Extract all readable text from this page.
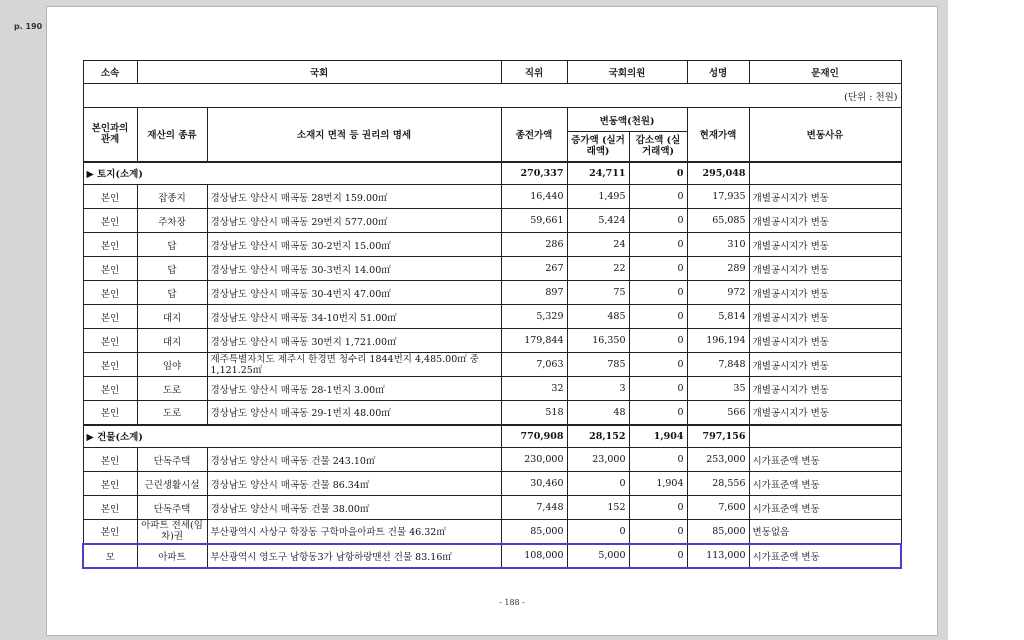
p. 190
소속	국회		직위	국회의원		성명	문재인
(단위 : 천원)							
본인과의 관계	재산의 종류	소재지 면적 등 권리의 명세	종전가액	변동액(천원)		현재가액	변동사유
				증가액 (실거래액)	감소액 (실거래액)		
▶ 토지(소계)			270,337	24,711	0	295,048	
본인	잡종지	경상남도 양산시 매곡동 28번지 159.00㎡	16,440	1,495	0	17,935	개별공시지가 변동
본인	주차장	경상남도 양산시 매곡동 29번지 577.00㎡	59,661	5,424	0	65,085	개별공시지가 변동
본인	답	경상남도 양산시 매곡동 30-2번지 15.00㎡	286	24	0	310	개별공시지가 변동
본인	답	경상남도 양산시 매곡동 30-3번지 14.00㎡	267	22	0	289	개별공시지가 변동
본인	답	경상남도 양산시 매곡동 30-4번지 47.00㎡	897	75	0	972	개별공시지가 변동
본인	대지	경상남도 양산시 매곡동 34-10번지 51.00㎡	5,329	485	0	5,814	개별공시지가 변동
본인	대지	경상남도 양산시 매곡동 30번지 1,721.00㎡	179,844	16,350	0	196,194	개별공시지가 변동
본인	임야	제주특별자치도 제주시 한경면 청수리 1844번지 4,485.00㎡ 중 1,121.25㎡	7,063	785	0	7,848	개별공시지가 변동
본인	도로	경상남도 양산시 매곡동 28-1번지 3.00㎡	32	3	0	35	개별공시지가 변동
본인	도로	경상남도 양산시 매곡동 29-1번지 48.00㎡	518	48	0	566	개별공시지가 변동
▶ 건물(소계)			770,908	28,152	1,904	797,156	
본인	단독주택	경상남도 양산시 매곡동 건물 243.10㎡	230,000	23,000	0	253,000	시가표준액 변동
본인	근린생활시설	경상남도 양산시 매곡동 건물 86.34㎡	30,460	0	1,904	28,556	시가표준액 변동
본인	단독주택	경상남도 양산시 매곡동 건물 38.00㎡	7,448	152	0	7,600	시가표준액 변동
본인	아파트 전세(임차)권	부산광역시 사상구 학장동 구학마을아파트 건물 46.32㎡	85,000	0	0	85,000	변동없음
모	아파트	부산광역시 영도구 남항동3가 남항하랑맨션 건물 83.16㎡	108,000	5,000	0	113,000	시가표준액 변동
- 188 -
